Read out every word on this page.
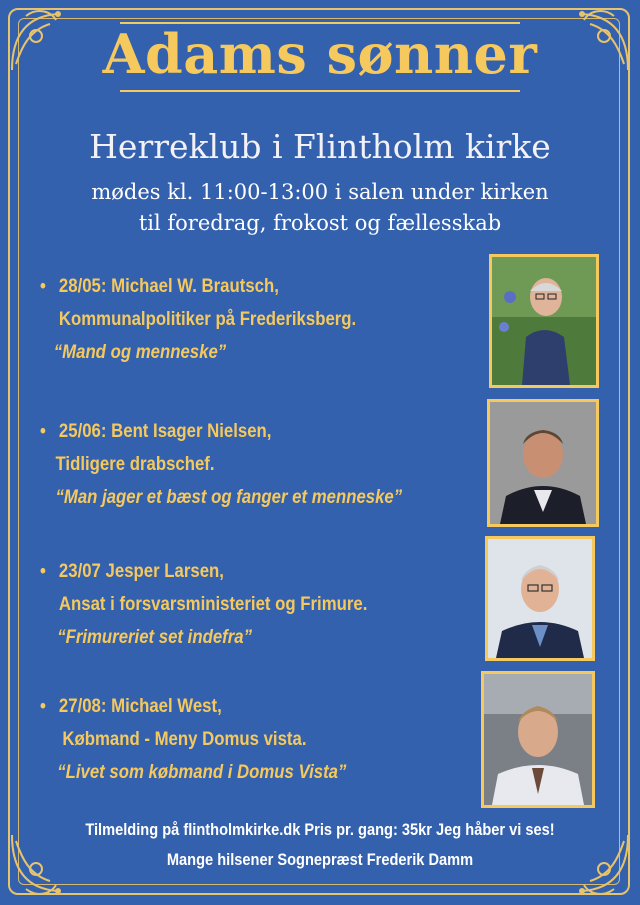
Adams sønner
Herreklub i Flintholm kirke
mødes kl. 11:00-13:00 i salen under kirken
til foredrag, frokost og fællesskab
• 28/05: Michael W. Brautsch,
Kommunalpolitiker på Frederiksberg.
“Mand og menneske”
• 25/06: Bent Isager Nielsen,
Tidligere drabschef.
“Man jager et bæst og fanger et menneske”
• 23/07 Jesper Larsen,
Ansat i forsvarsministeriet og Frimure.
“Frimureriet set indefra”
• 27/08: Michael West,
Købmand - Meny Domus vista.
“Livet som købmand i Domus Vista”
Tilmelding på flintholmkirke.dk Pris pr. gang: 35kr Jeg håber vi ses!
Mange hilsener Sognepræst Frederik Damm
